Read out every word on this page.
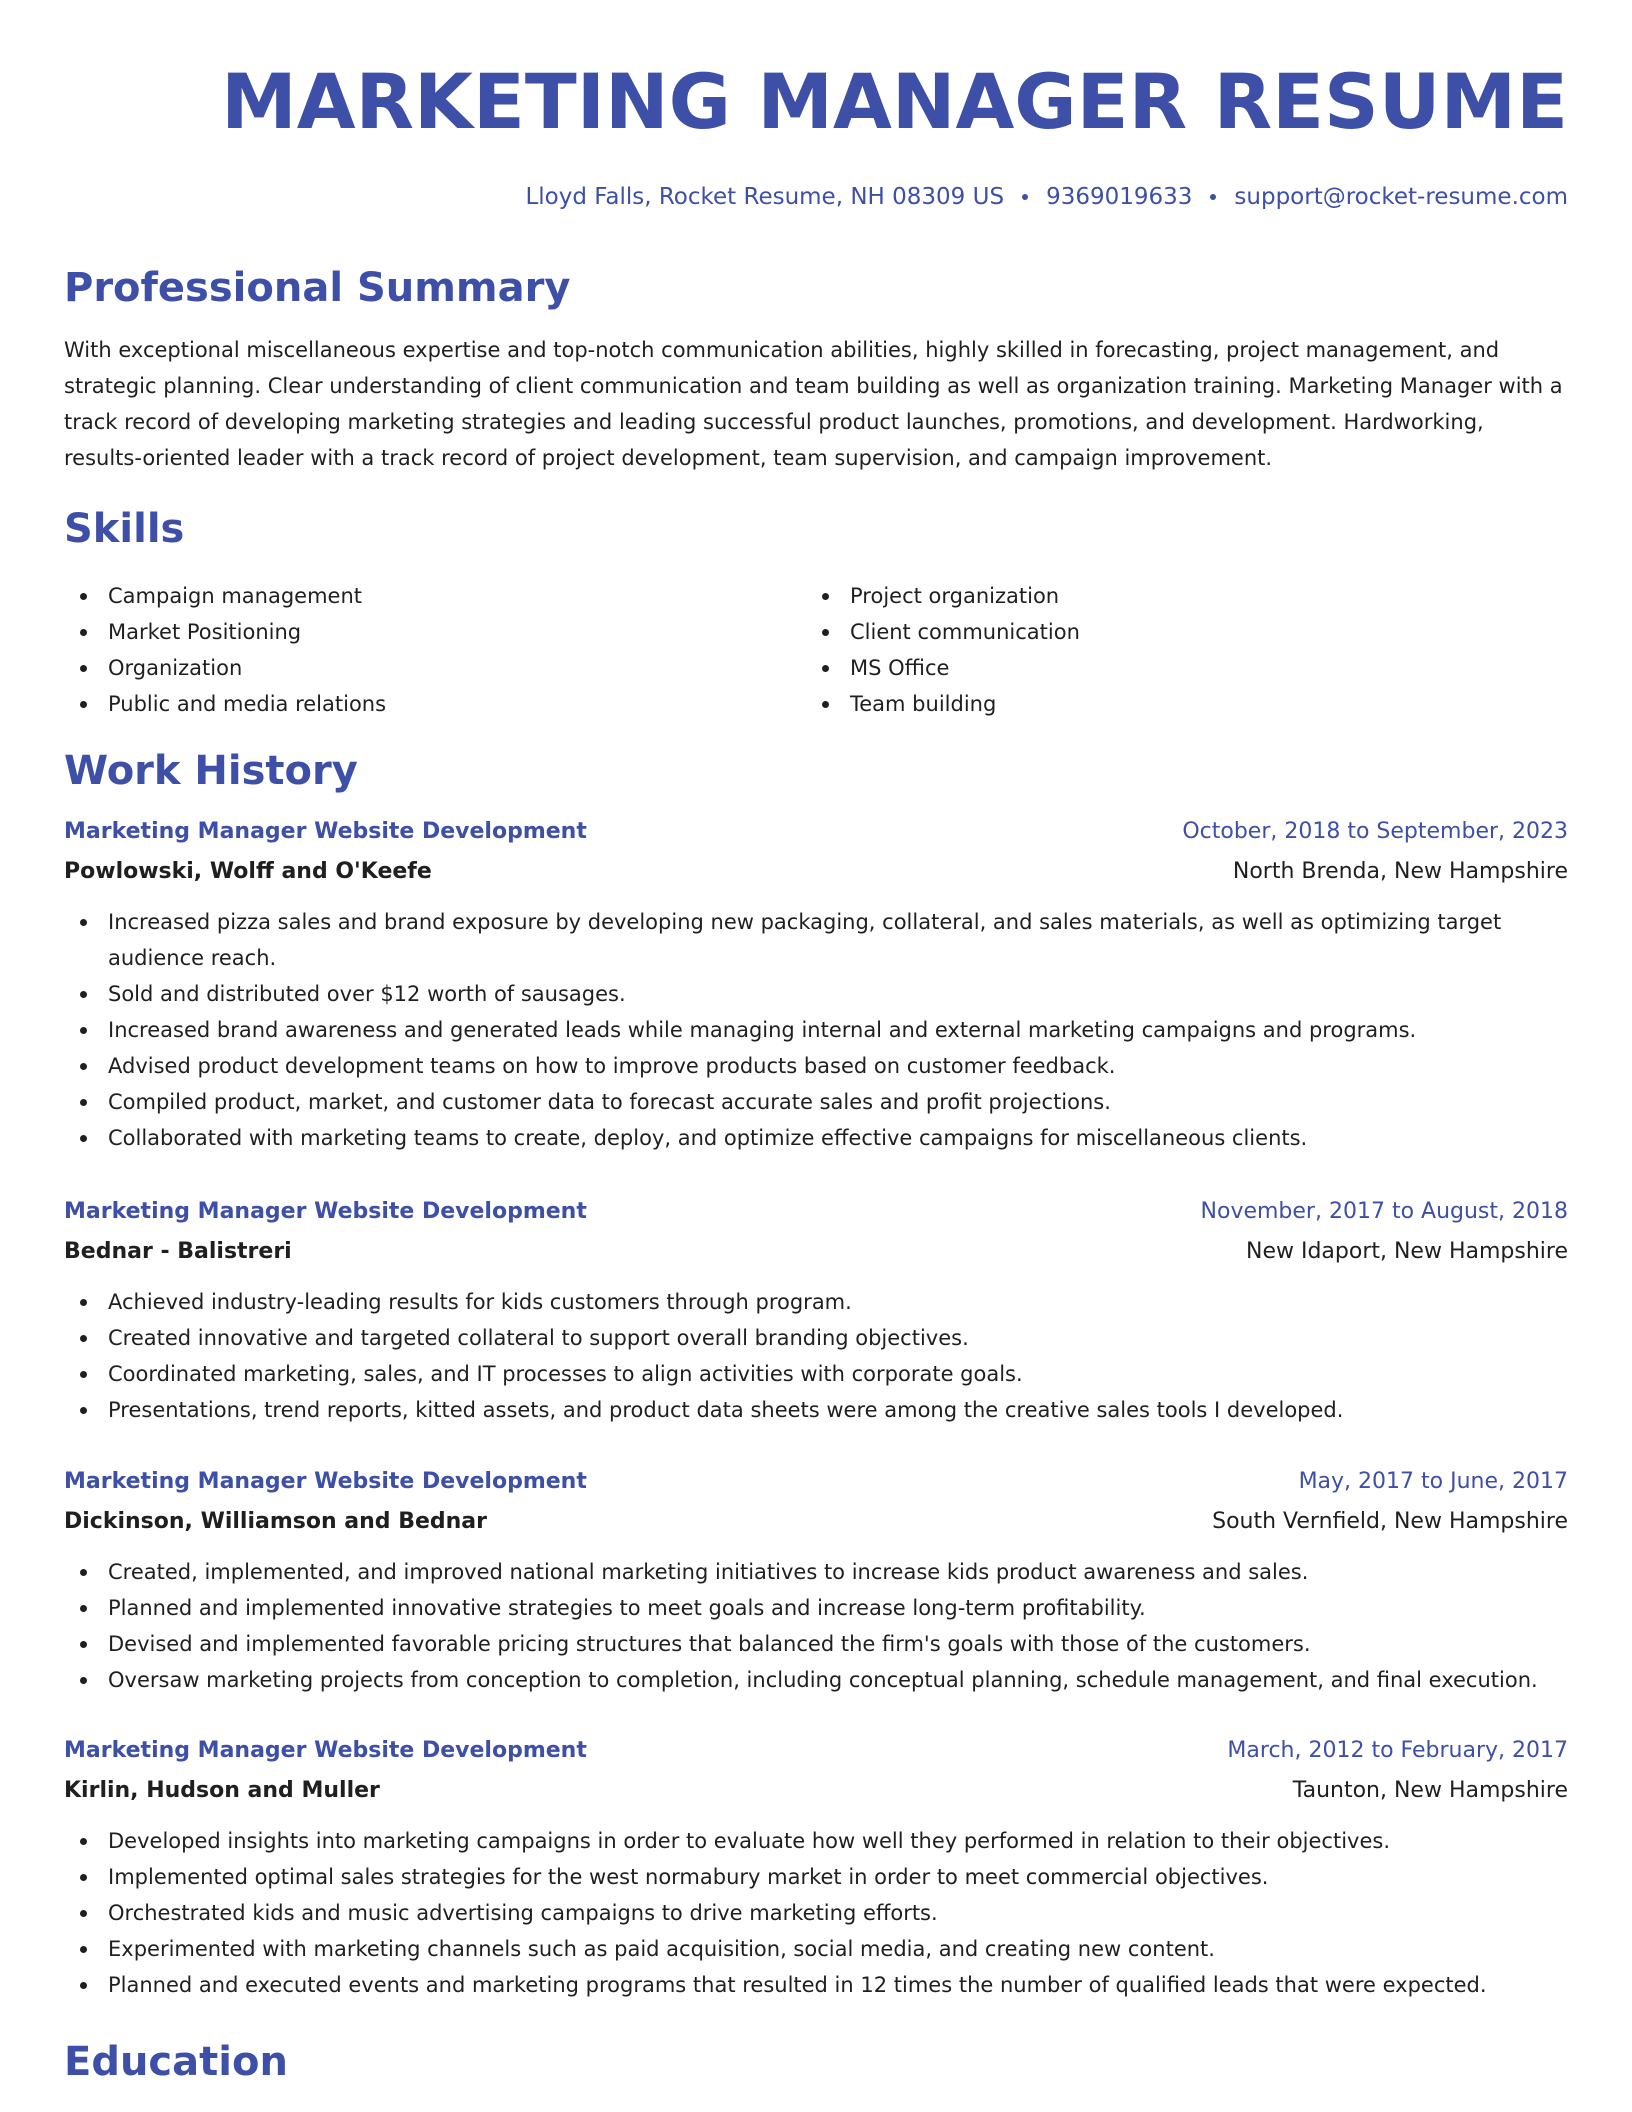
MARKETING MANAGER RESUME
Lloyd Falls, Rocket Resume, NH 08309 US 9369019633 support@rocket-resume.com
Professional Summary

With exceptional miscellaneous expertise and top-notch communication abilities, highly skilled in forecasting, project management, and strategic planning. Clear understanding of client communication and team building as well as organization training. Marketing Manager with a track record of developing marketing strategies and leading successful product launches, promotions, and development. Hardworking, results-oriented leader with a track record of project development, team supervision, and campaign improvement.

Skills
Campaign management
Market Positioning
Organization
Public and media relations
Project organization
Client communication
MS Office
Team building
Work History
Marketing Manager Website Development	October, 2018 to September, 2023
Powlowski, Wolff and O'Keefe	North Brenda, New Hampshire
Increased pizza sales and brand exposure by developing new packaging, collateral, and sales materials, as well as optimizing target audience reach.
Sold and distributed over $12 worth of sausages.
Increased brand awareness and generated leads while managing internal and external marketing campaigns and programs.
Advised product development teams on how to improve products based on customer feedback.
Compiled product, market, and customer data to forecast accurate sales and profit projections.
Collaborated with marketing teams to create, deploy, and optimize effective campaigns for miscellaneous clients.
Marketing Manager Website Development	November, 2017 to August, 2018
Bednar - Balistreri	New Idaport, New Hampshire
Achieved industry-leading results for kids customers through program.
Created innovative and targeted collateral to support overall branding objectives.
Coordinated marketing, sales, and IT processes to align activities with corporate goals.
Presentations, trend reports, kitted assets, and product data sheets were among the creative sales tools I developed.
Marketing Manager Website Development	May, 2017 to June, 2017
Dickinson, Williamson and Bednar	South Vernfield, New Hampshire
Created, implemented, and improved national marketing initiatives to increase kids product awareness and sales.
Planned and implemented innovative strategies to meet goals and increase long-term profitability.
Devised and implemented favorable pricing structures that balanced the firm's goals with those of the customers.
Oversaw marketing projects from conception to completion, including conceptual planning, schedule management, and final execution.
Marketing Manager Website Development	March, 2012 to February, 2017
Kirlin, Hudson and Muller	Taunton, New Hampshire
Developed insights into marketing campaigns in order to evaluate how well they performed in relation to their objectives.
Implemented optimal sales strategies for the west normabury market in order to meet commercial objectives.
Orchestrated kids and music advertising campaigns to drive marketing efforts.
Experimented with marketing channels such as paid acquisition, social media, and creating new content.
Planned and executed events and marketing programs that resulted in 12 times the number of qualified leads that were expected.
Education
